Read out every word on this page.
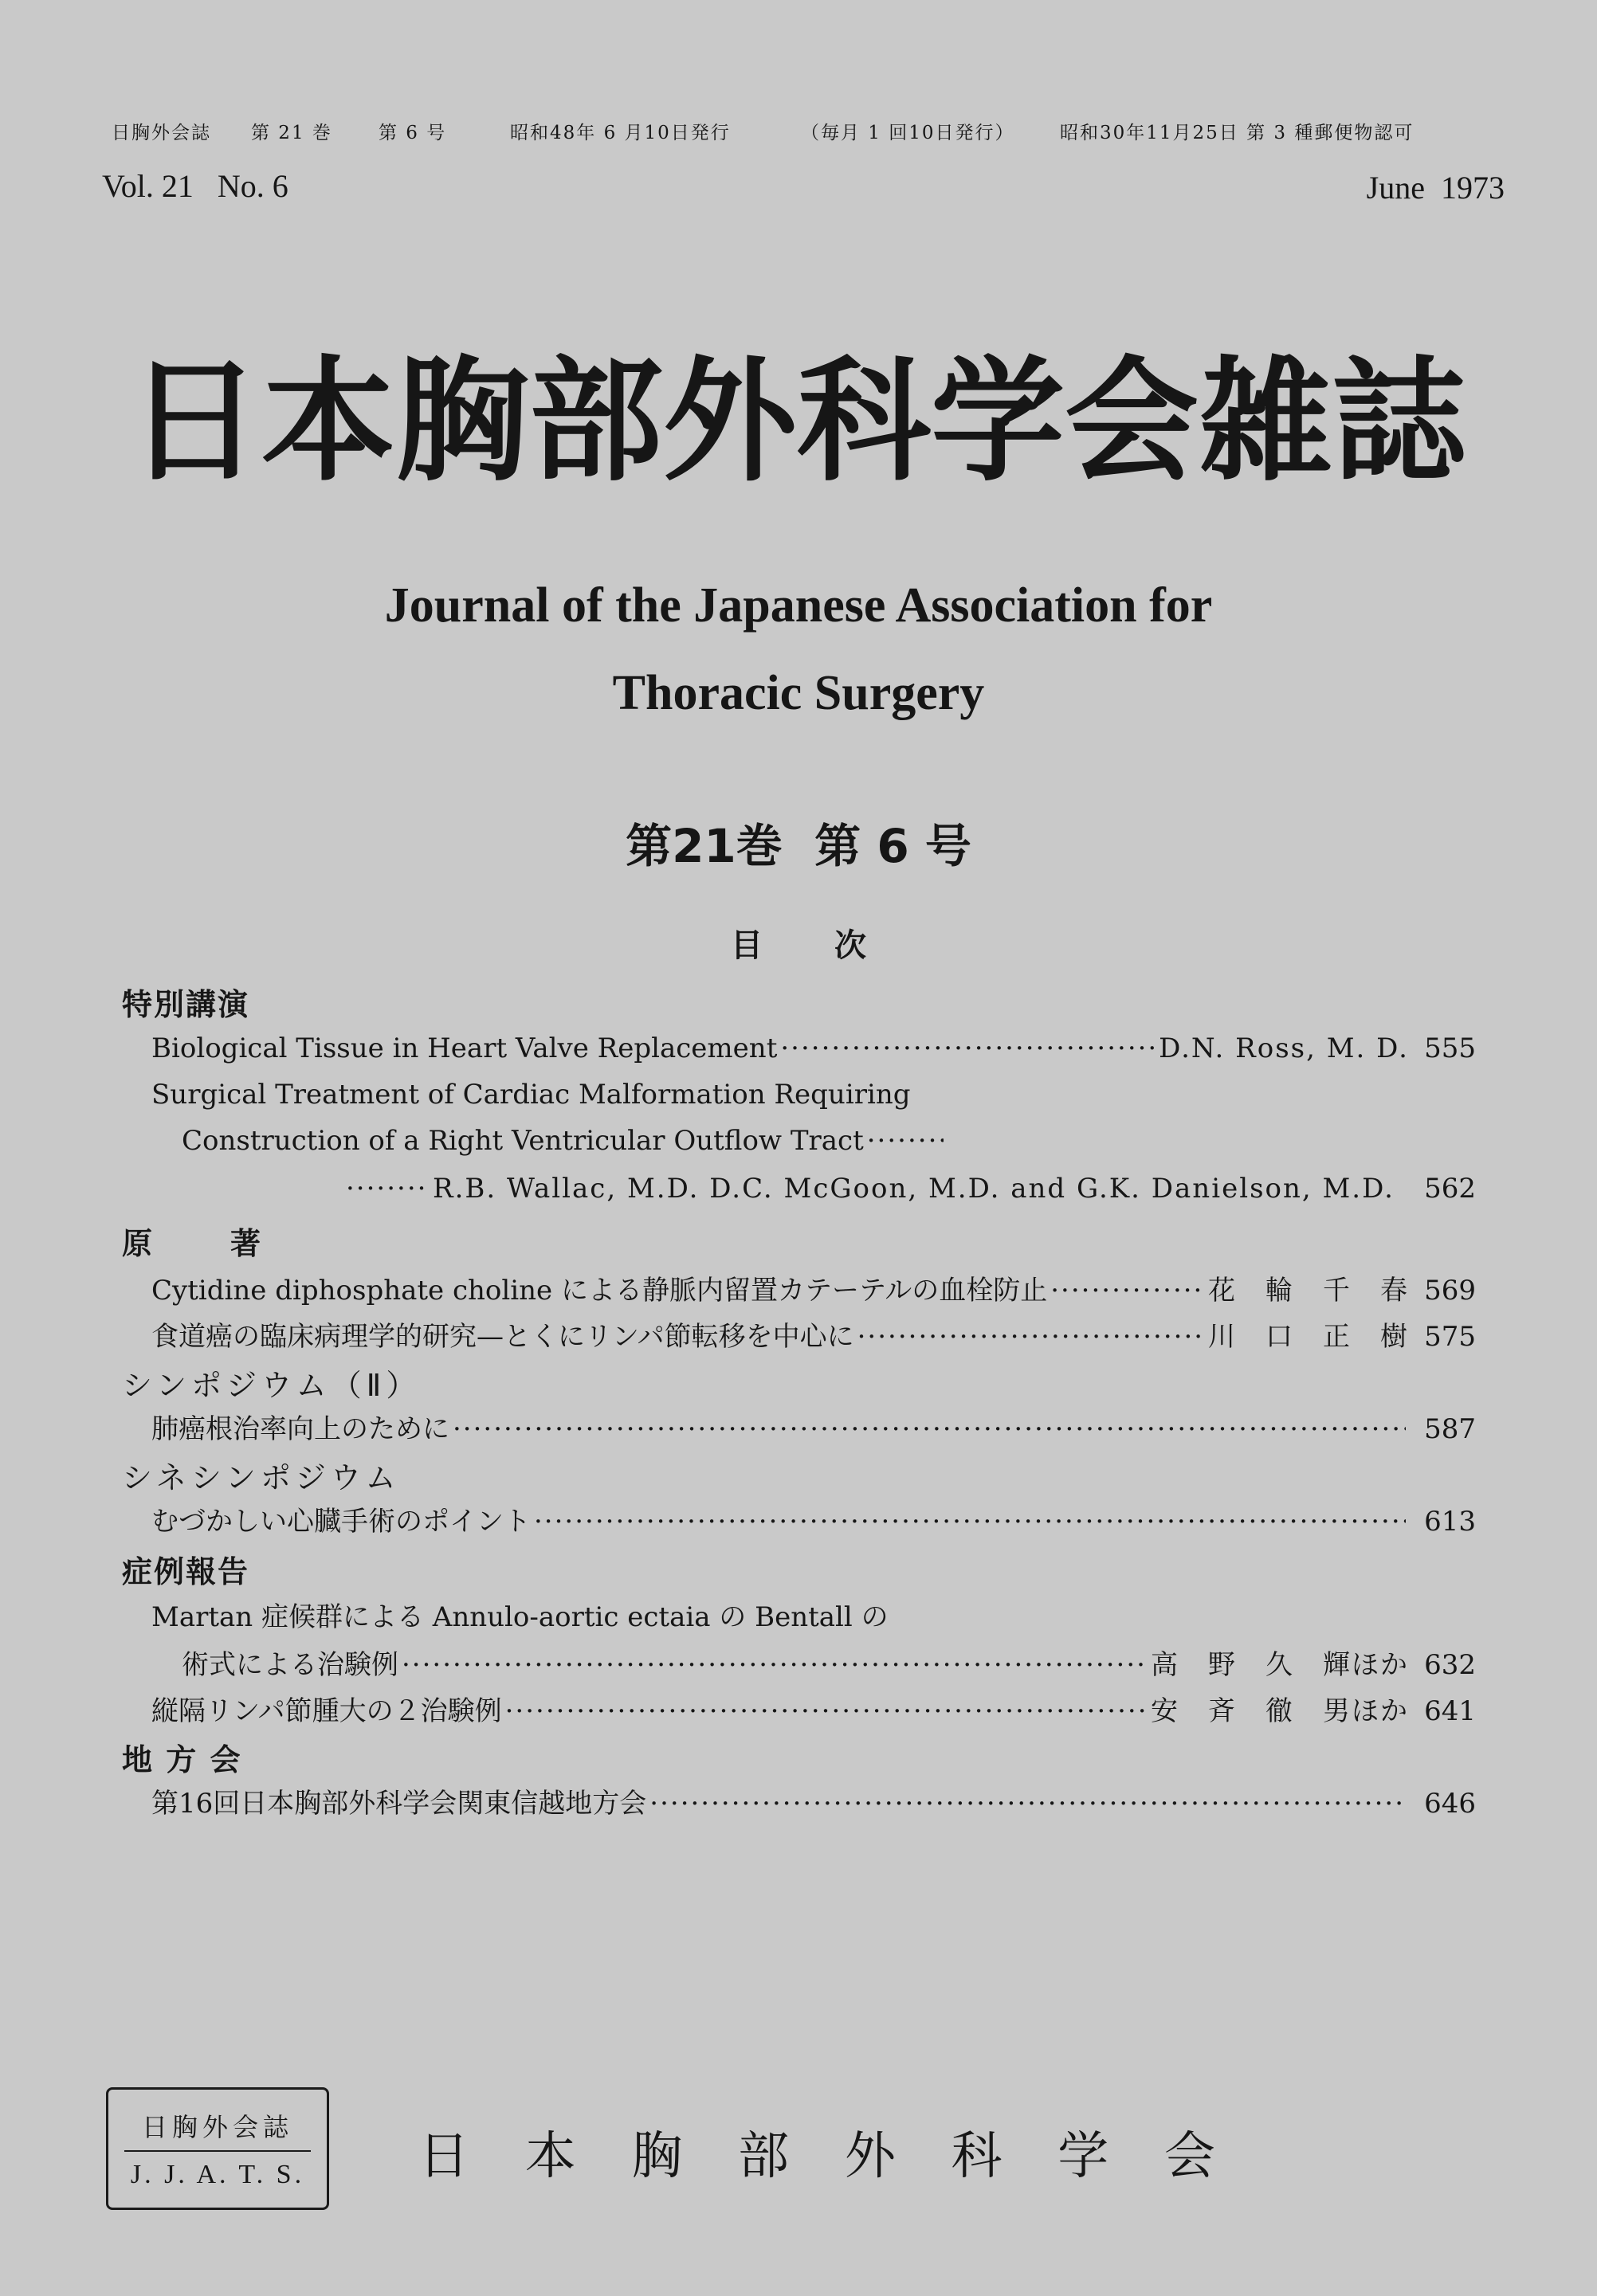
日胸外会誌 第 21 巻	第 6 号	昭和48年 6 月10日発行	（毎月 1 回10日発行） 昭和30年11月25日 第 3 種郵便物認可
Vol. 21   No. 6	June  1973
日 本 胸 部 外 科 学 会 雑 誌
Journal of the Japanese Association for
Thoracic Surgery
第21巻  第 6 号
目次
特別講演
Biological Tissue in Heart Valve Replacement ·····	D.N. Ross, M. D. 555
Surgical Treatment of Cardiac Malformation Requiring
Construction of a Right Ventricular Outflow Tract
·····
·····
R.B. Wallac, M.D. D.C. McGoon, M.D. and G.K. Danielson, M.D. 562
原　著
Cytidine diphosphate choline による静脈内留置カテーテルの血栓防止 ·····	花　輪　千　春 569
食道癌の臨床病理学的研究—とくにリンパ節転移を中心に ·····	川　口　正　樹 575
シンポジウム（Ⅱ）
肺癌根治率向上のために ·····	587
シネシンポジウム
むづかしい心臓手術のポイント ·····	613
症例報告
Martan 症候群による Annulo-aortic ectaia の Bentall の
術式による治験例 ·····	高　野　久　輝ほか 632
縦隔リンパ節腫大の２治験例 ·····	安　斉　徹　男ほか 641
地 方 会
第16回日本胸部外科学会関東信越地方会 ·····	646
日胸外会誌
J. J. A. T. S.	日 本 胸 部 外 科 学 会
